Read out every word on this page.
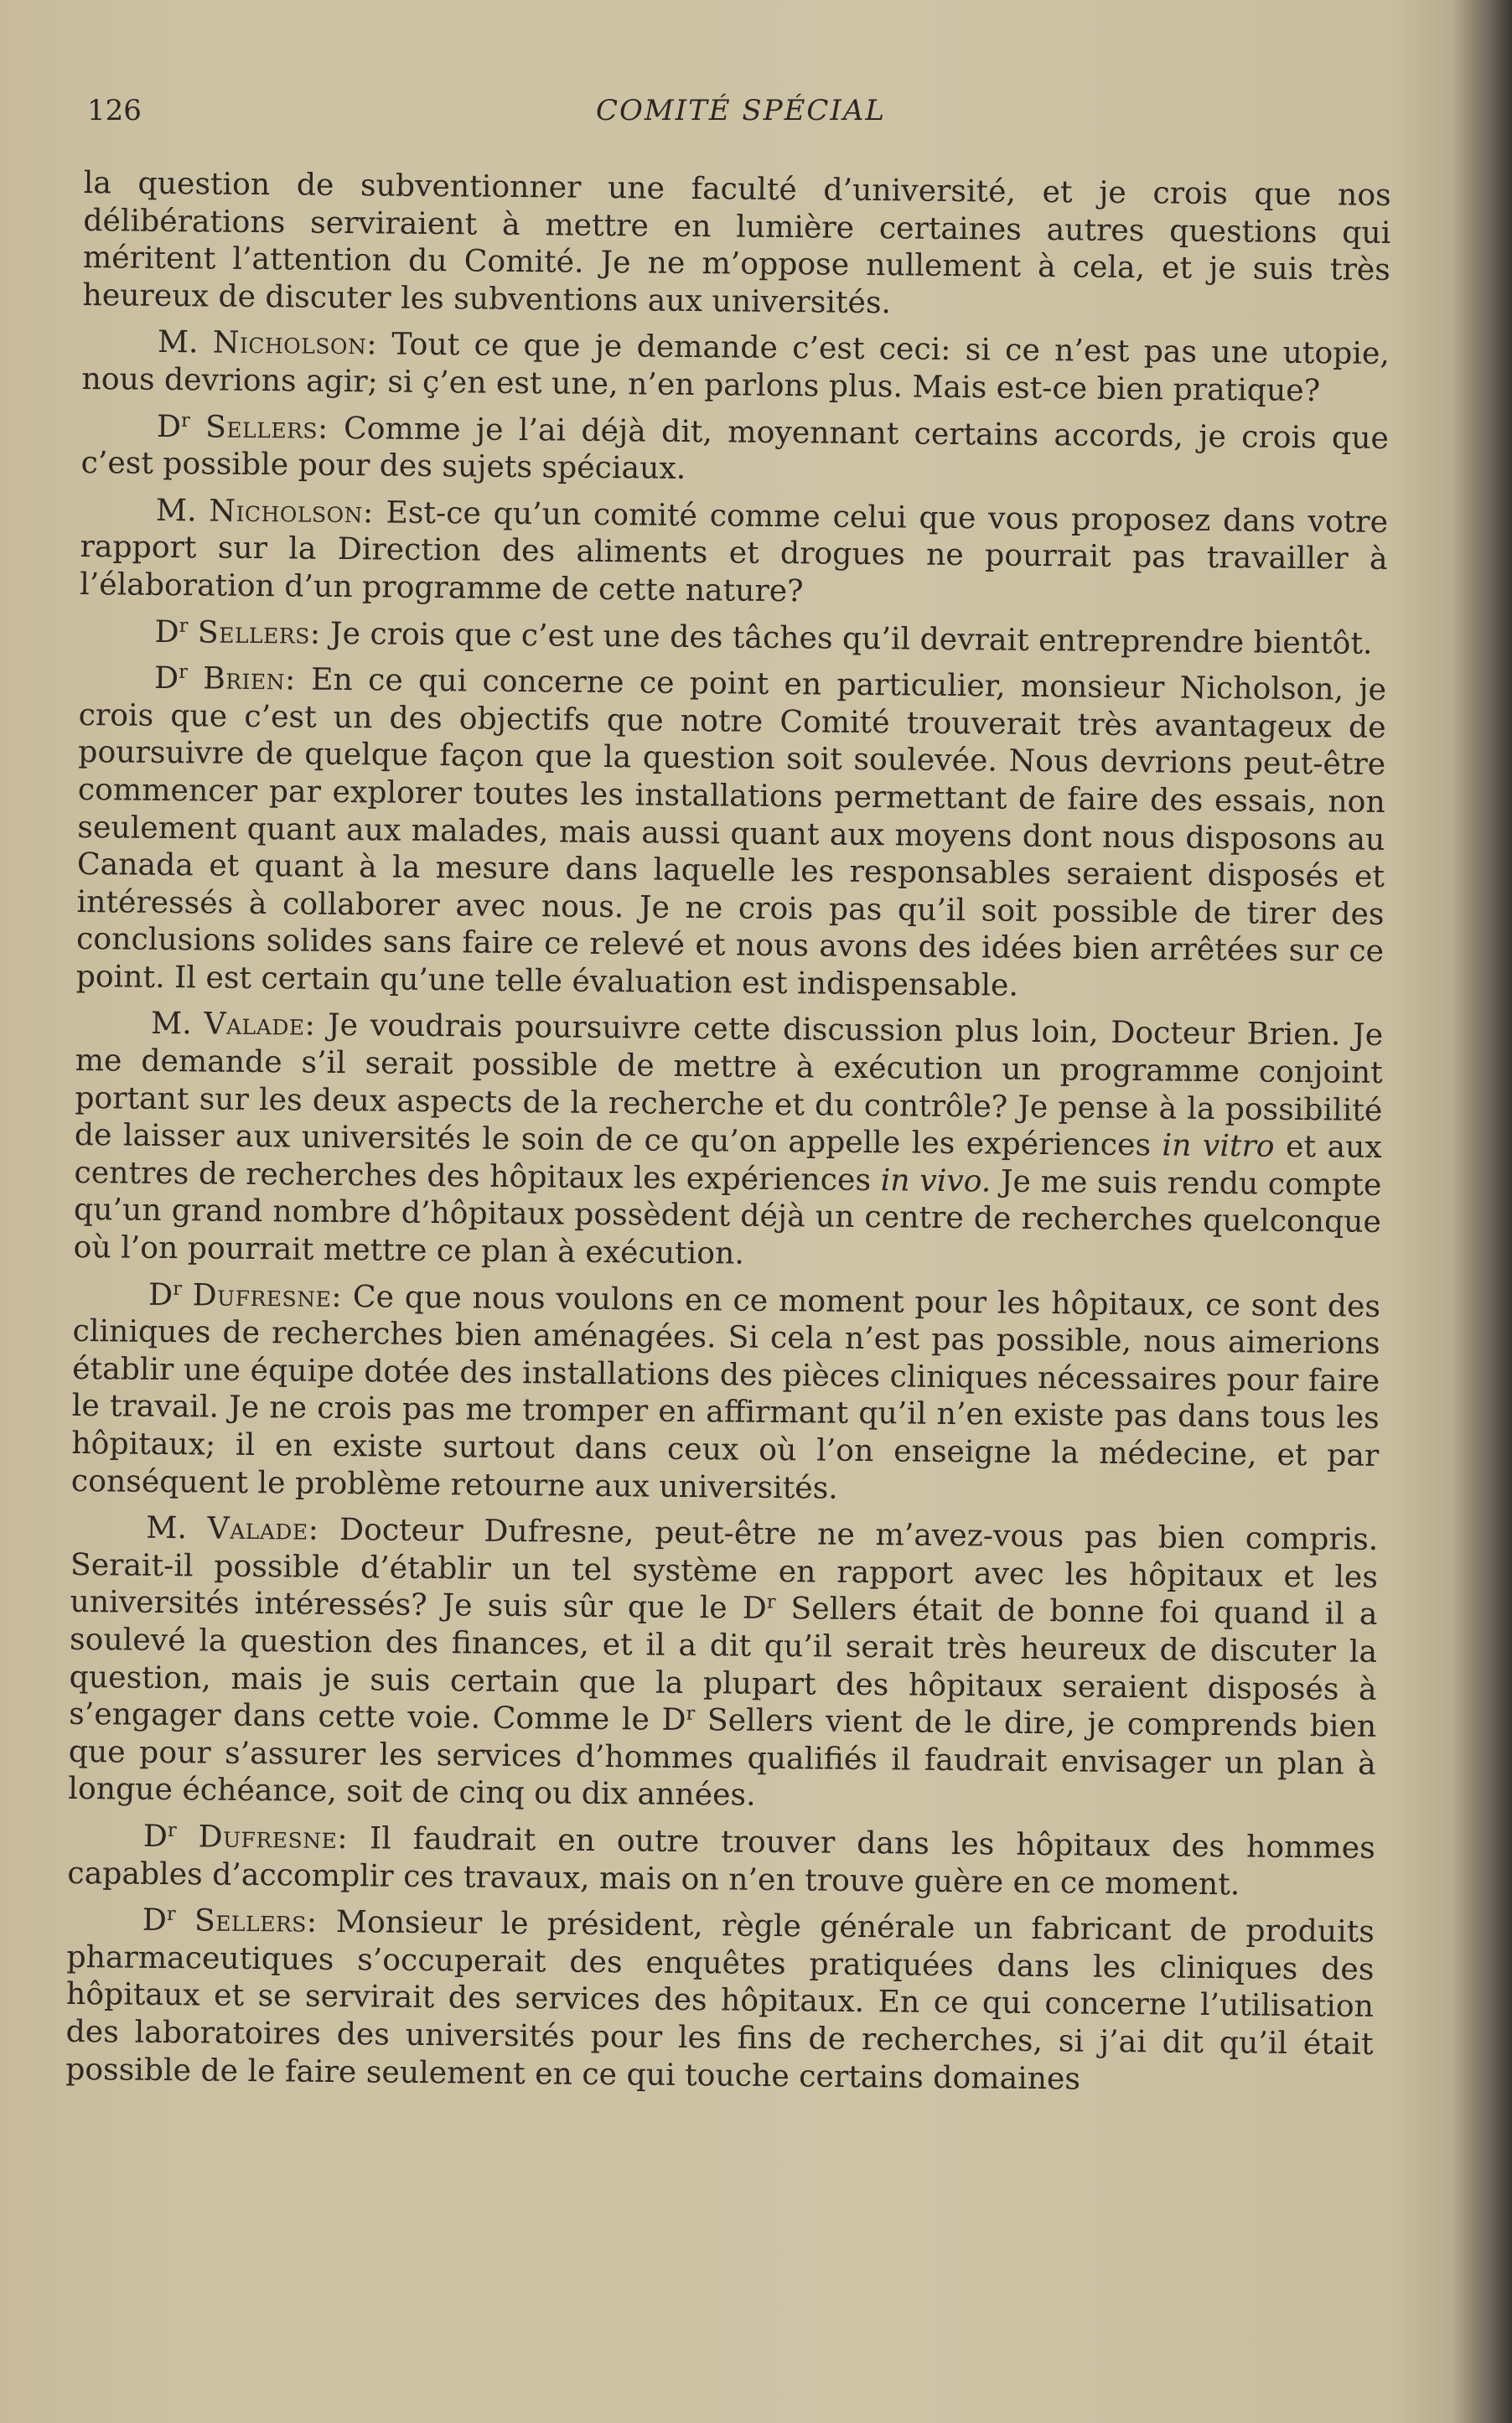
126	COMITÉ SPÉCIAL

la question de subventionner une faculté d’université, et je crois que nos délibérations serviraient à mettre en lumière certaines autres questions qui méritent l’attention du Comité. Je ne m’oppose nullement à cela, et je suis très heureux de discuter les subventions aux universités.

M. Nicholson: Tout ce que je demande c’est ceci: si ce n’est pas une utopie, nous devrions agir; si ç’en est une, n’en parlons plus. Mais est-ce bien pratique?

$D^r$ Sellers: Comme je l’ai déjà dit, moyennant certains accords, je crois que c’est possible pour des sujets spéciaux.

M. Nicholson: Est-ce qu’un comité comme celui que vous proposez dans votre rapport sur la Direction des aliments et drogues ne pourrait pas travailler à l’élaboration d’un programme de cette nature?

$D^r$ Sellers: Je crois que c’est une des tâches qu’il devrait entreprendre bientôt.

$D^r$ Brien: En ce qui concerne ce point en particulier, monsieur Nicholson, je crois que c’est un des objectifs que notre Comité trouverait très avantageux de poursuivre de quelque façon que la question soit soulevée. Nous devrions peut-être commencer par explorer toutes les installations permettant de faire des essais, non seulement quant aux malades, mais aussi quant aux moyens dont nous disposons au Canada et quant à la mesure dans laquelle les responsables seraient disposés et intéressés à collaborer avec nous. Je ne crois pas qu’il soit possible de tirer des conclusions solides sans faire ce relevé et nous avons des idées bien arrêtées sur ce point. Il est certain qu’une telle évaluation est indispensable.

M. Valade: Je voudrais poursuivre cette discussion plus loin, Docteur Brien. Je me demande s’il serait possible de mettre à exécution un programme conjoint portant sur les deux aspects de la recherche et du contrôle? Je pense à la possibilité de laisser aux universités le soin de ce qu’on appelle les expériences in vitro et aux centres de recherches des hôpitaux les expériences in vivo. Je me suis rendu compte qu’un grand nombre d’hôpitaux possèdent déjà un centre de recherches quelconque où l’on pourrait mettre ce plan à exécution.

$D^r$ Dufresne: Ce que nous voulons en ce moment pour les hôpitaux, ce sont des cliniques de recherches bien aménagées. Si cela n’est pas possible, nous aimerions établir une équipe dotée des installations des pièces cliniques nécessaires pour faire le travail. Je ne crois pas me tromper en affirmant qu’il n’en existe pas dans tous les hôpitaux; il en existe surtout dans ceux où l’on enseigne la médecine, et par conséquent le problème retourne aux universités.

M. Valade: Docteur Dufresne, peut-être ne m’avez-vous pas bien compris. Serait-il possible d’établir un tel système en rapport avec les hôpitaux et les universités intéressés? Je suis sûr que le $D^r$ Sellers était de bonne foi quand il a soulevé la question des finances, et il a dit qu’il serait très heureux de discuter la question, mais je suis certain que la plupart des hôpitaux seraient disposés à s’engager dans cette voie. Comme le $D^r$ Sellers vient de le dire, je comprends bien que pour s’assurer les services d’hommes qualifiés il faudrait envisager un plan à longue échéance, soit de cinq ou dix années.

$D^r$ Dufresne: Il faudrait en outre trouver dans les hôpitaux des hommes capables d’accomplir ces travaux, mais on n’en trouve guère en ce moment.

$D^r$ Sellers: Monsieur le président, règle générale un fabricant de produits pharmaceutiques s’occuperait des enquêtes pratiquées dans les cliniques des hôpitaux et se servirait des services des hôpitaux. En ce qui concerne l’utilisation des laboratoires des universités pour les fins de recherches, si j’ai dit qu’il était possible de le faire seulement en ce qui touche certains domaines
